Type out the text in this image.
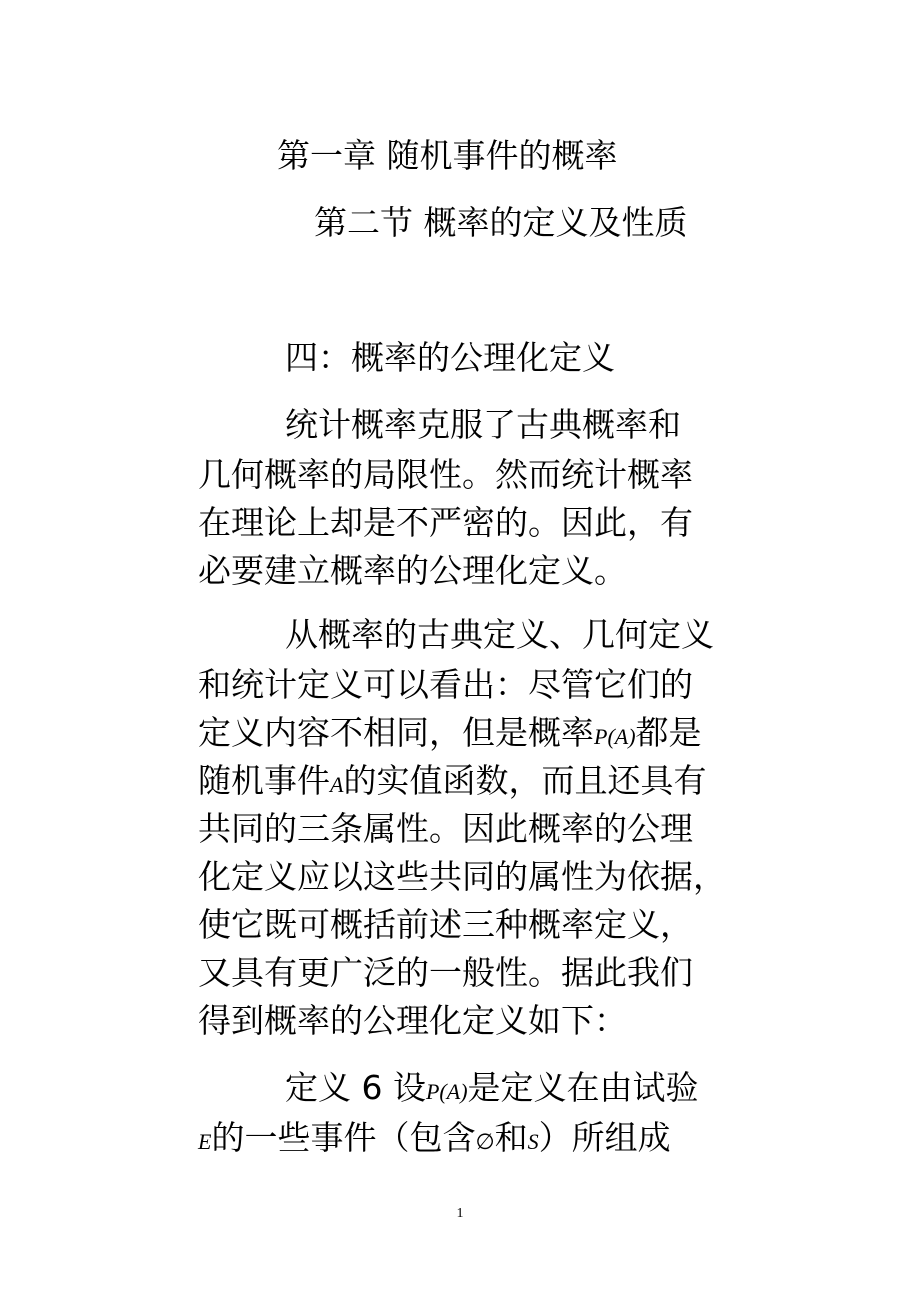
第一章 随机事件的概率
第二节 概率的定义及性质
四：概率的公理化定义
统计概率克服了古典概率和
几何概率的局限性。然而统计概率
在理论上却是不严密的。因此，有
必要建立概率的公理化定义。
从概率的古典定义、几何定义
和统计定义可以看出：尽管它们的
定义内容不相同，但是概率P(A)都是
随机事件A的实值函数，而且还具有
共同的三条属性。因此概率的公理
化定义应以这些共同的属性为依据，
使它既可概括前述三种概率定义，
又具有更广泛的一般性。据此我们
得到概率的公理化定义如下：
定义 6 设P(A)是定义在由试验
E的一些事件（包含∅和S）所组成
1
